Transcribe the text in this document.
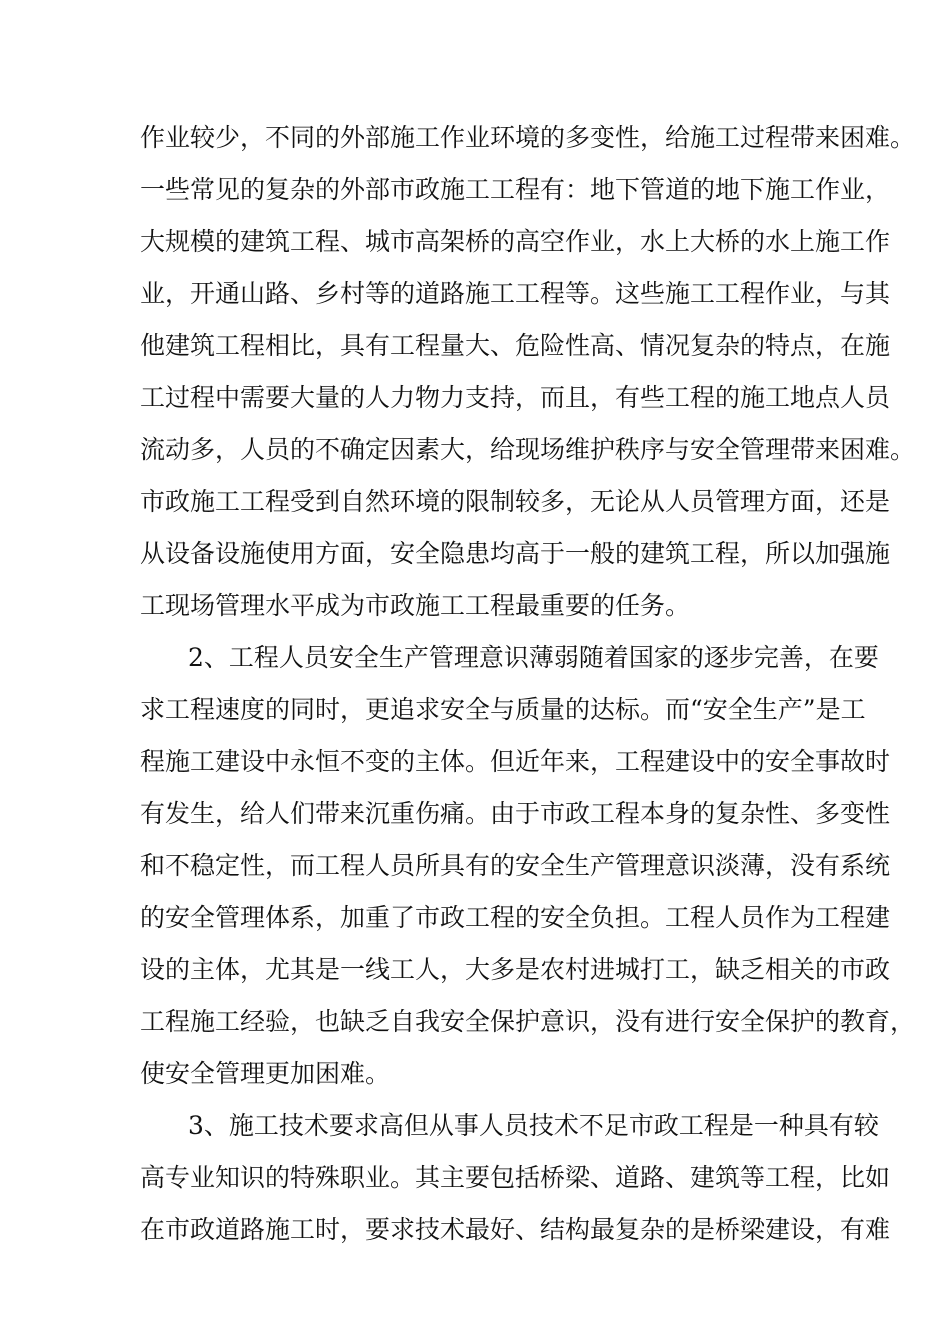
作业较少，不同的外部施工作业环境的多变性，给施工过程带来困难。
一些常见的复杂的外部市政施工工程有：地下管道的地下施工作业，
大规模的建筑工程、城市高架桥的高空作业，水上大桥的水上施工作
业，开通山路、乡村等的道路施工工程等。这些施工工程作业，与其
他建筑工程相比，具有工程量大、危险性高、情况复杂的特点，在施
工过程中需要大量的人力物力支持，而且，有些工程的施工地点人员
流动多，人员的不确定因素大，给现场维护秩序与安全管理带来困难。
市政施工工程受到自然环境的限制较多，无论从人员管理方面，还是
从设备设施使用方面，安全隐患均高于一般的建筑工程，所以加强施
工现场管理水平成为市政施工工程最重要的任务。
2、工程人员安全生产管理意识薄弱随着国家的逐步完善，在要
求工程速度的同时，更追求安全与质量的达标。而“安全生产”是工
程施工建设中永恒不变的主体。但近年来，工程建设中的安全事故时
有发生，给人们带来沉重伤痛。由于市政工程本身的复杂性、多变性
和不稳定性，而工程人员所具有的安全生产管理意识淡薄，没有系统
的安全管理体系，加重了市政工程的安全负担。工程人员作为工程建
设的主体，尤其是一线工人，大多是农村进城打工，缺乏相关的市政
工程施工经验，也缺乏自我安全保护意识，没有进行安全保护的教育，
使安全管理更加困难。
3、施工技术要求高但从事人员技术不足市政工程是一种具有较
高专业知识的特殊职业。其主要包括桥梁、道路、建筑等工程，比如
在市政道路施工时，要求技术最好、结构最复杂的是桥梁建设，有难
